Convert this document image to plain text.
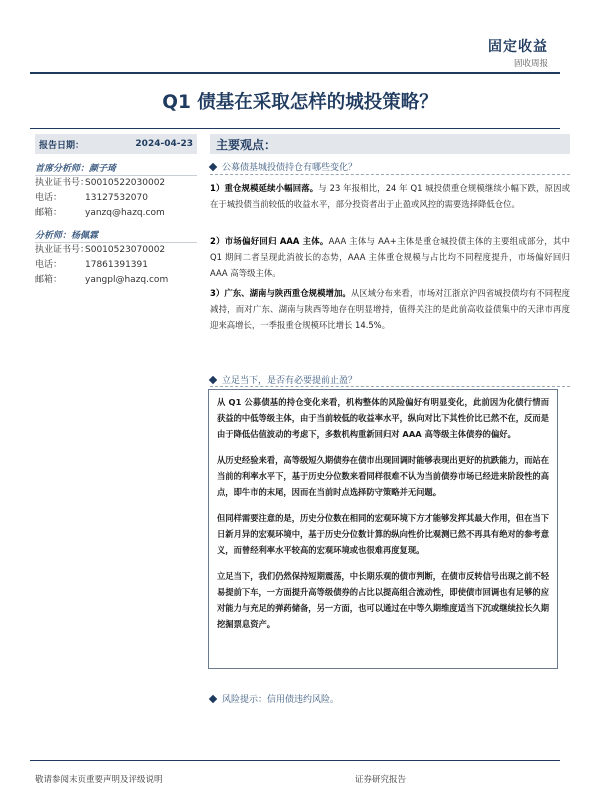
固定收益
固收周报
Q1 债基在采取怎样的城投策略？
报告日期：	2024-04-23
首席分析师：颜子琦
执业证书号：S0010522030002
电话：	13127532070
邮箱：	yanzq@hazq.com
分析师：杨佩霖
执业证书号：S0010523070002
电话：	17861391391
邮箱：	yangpl@hazq.com
主要观点：
公募债基城投债持仓有哪些变化？
1）重仓规模延续小幅回落。与 23 年报相比，24 年 Q1 城投债重仓规模继续小幅下跌，原因或在于城投债当前较低的收益水平，部分投资者出于止盈或风控的需要选择降低仓位。
2）市场偏好回归 AAA 主体。AAA 主体与 AA+主体是重仓城投债主体的主要组成部分，其中 Q1 期间二者呈现此消彼长的态势，AAA 主体重仓规模与占比均不同程度提升，市场偏好回归 AAA 高等级主体。
3）广东、湖南与陕西重仓规模增加。从区域分布来看，市场对江浙京沪四省城投债均有不同程度减持，而对广东、湖南与陕西等地存在明显增持，值得关注的是此前高收益债集中的天津市再度迎来高增长，一季报重仓规模环比增长 14.5%。
立足当下，是否有必要提前止盈？

从 Q1 公募债基的持仓变化来看，机构整体的风险偏好有明显变化，此前因为化债行情而获益的中低等级主体，由于当前较低的收益率水平，纵向对比下其性价比已然不在，反而是由于降低估值波动的考虑下，多数机构重新回归对 AAA 高等级主体债券的偏好。

从历史经验来看，高等级短久期债券在债市出现回调时能够表现出更好的抗跌能力，而站在当前的利率水平下，基于历史分位数来看同样很难不认为当前债券市场已经进来阶段性的高点，即牛市的末尾，因而在当前时点选择防守策略并无问题。

但同样需要注意的是，历史分位数在相同的宏观环境下方才能够发挥其最大作用，但在当下日新月异的宏观环境中，基于历史分位数计算的纵向性价比观测已然不再具有绝对的参考意义，而曾经利率水平较高的宏观环境或也很难再度复现。

立足当下，我们仍然保持短期震荡，中长期乐观的债市判断，在债市反转信号出现之前不轻易提前下车，一方面提升高等级债券的占比以提高组合流动性，即使债市回调也有足够的应对能力与充足的弹药储备，另一方面，也可以通过在中等久期维度适当下沉或继续拉长久期挖掘票息资产。

风险提示：信用债违约风险。
敬请参阅末页重要声明及评级说明	证券研究报告
